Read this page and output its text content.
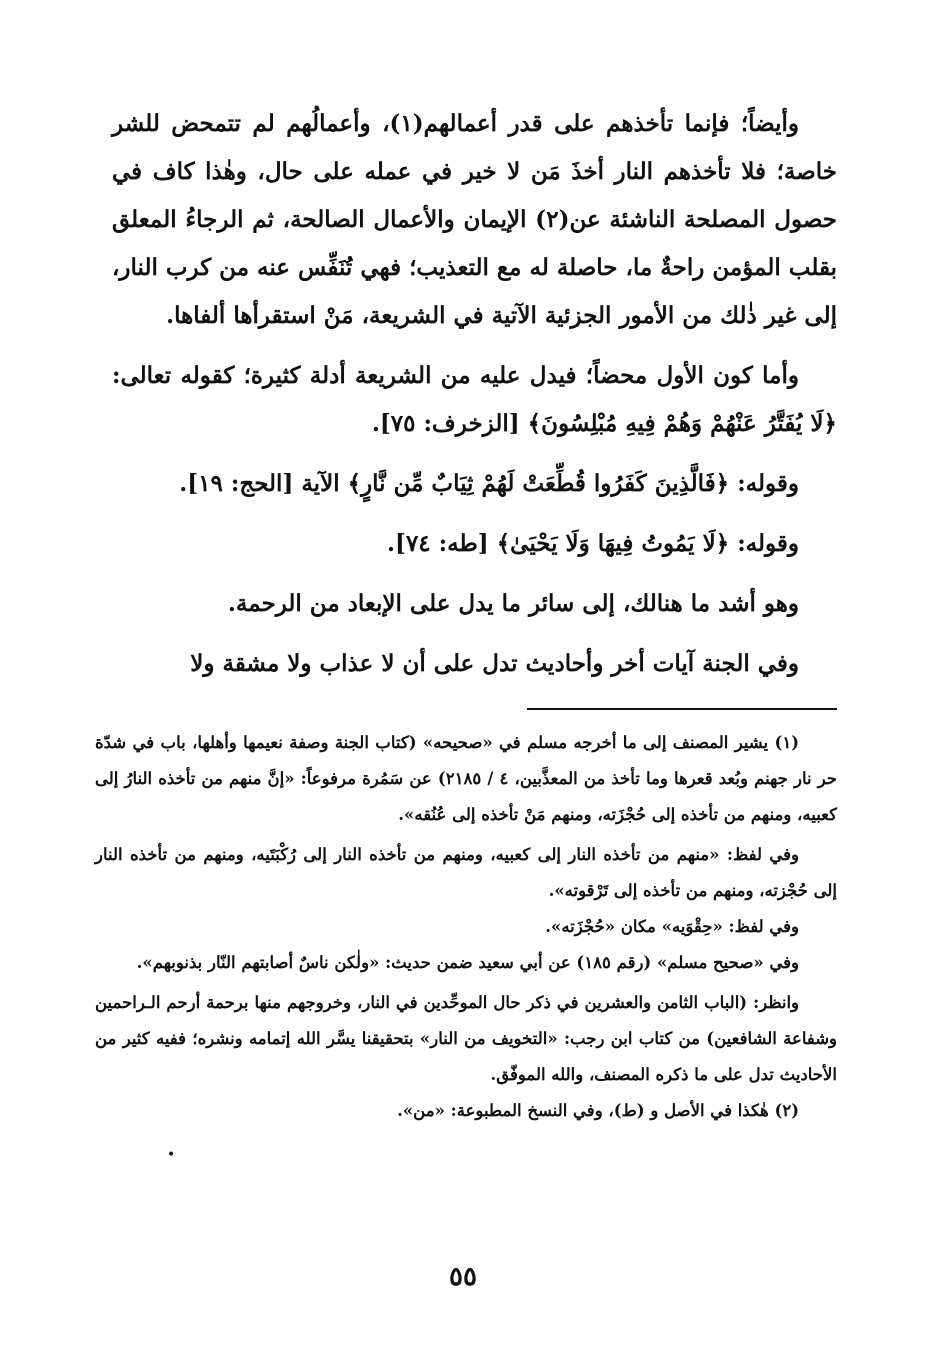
وأيضاً؛ فإنما تأخذهم على قدر أعمالهم(١)، وأعمالُهم لم تتمحض للشر خاصة؛ فلا تأخذهم النار أخذَ مَن لا خير في عمله على حال، وهٰذا كاف في حصول المصلحة الناشئة عن(٢) الإيمان والأعمال الصالحة، ثم الرجاءُ المعلق بقلب المؤمن راحةٌ ما، حاصلة له مع التعذيب؛ فهي تُنَفِّس عنه من كرب النار، إلى غير ذٰلك من الأمور الجزئية الآتية في الشريعة، مَنْ استقرأها ألفاها.

وأما كون الأول محضاً؛ فيدل عليه من الشريعة أدلة كثيرة؛ كقوله تعالى: ﴿لَا يُفَتَّرُ عَنْهُمْ وَهُمْ فِيهِ مُبْلِسُونَ﴾ [الزخرف: ٧٥].

وقوله: ﴿فَالَّذِينَ كَفَرُوا قُطِّعَتْ لَهُمْ ثِيَابٌ مِّن نَّارٍ﴾ الآية [الحج: ١٩].

وقوله: ﴿لَا يَمُوتُ فِيهَا وَلَا يَحْيَىٰ﴾ [طه: ٧٤].

وهو أشد ما هنالك، إلى سائر ما يدل على الإبعاد من الرحمة.

وفي الجنة آيات أخر وأحاديث تدل على أن لا عذاب ولا مشقة ولا

(١) يشير المصنف إلى ما أخرجه مسلم في «صحيحه» (كتاب الجنة وصفة نعيمها وأهلها، باب في شدّة حر نار جهنم وبُعد قعرها وما تأخذ من المعذَّبين، ٤ / ٢١٨٥) عن سَمُرة مرفوعاً: «إنَّ منهم من تأخذه النارُ إلى كعبيه، ومنهم من تأخذه إلى حُجْزَته، ومنهم مَنْ تأخذه إلى عُنُقه».

وفي لفظ: «منهم من تأخذه النار إلى كعبيه، ومنهم من تأخذه النار إلى رُكْبَتَيه، ومنهم من تأخذه النار إلى حُجْزته، ومنهم من تأخذه إلى تَرْقوته».

وفي لفظ: «حِقْوَيه» مكان «حُجْزَته».

وفي «صحيح مسلم» (رقم ١٨٥) عن أبي سعيد ضمن حديث: «ولٰكن ناسٌ أصابتهم النّار بذنوبهم».

وانظر: (الباب الثامن والعشرين في ذكر حال الموحِّدين في النار، وخروجهم منها برحمة أرحم الـراحمين وشفاعة الشافعين) من كتاب ابن رجب: «التخويف من النار» بتحقيقنا يسَّر الله إتمامه ونشره؛ ففيه كثير من الأحاديث تدل على ما ذكره المصنف، والله الموفّق.

(٢) هٰكذا في الأصل و (ط)، وفي النسخ المطبوعة: «من».

•
٥٥
